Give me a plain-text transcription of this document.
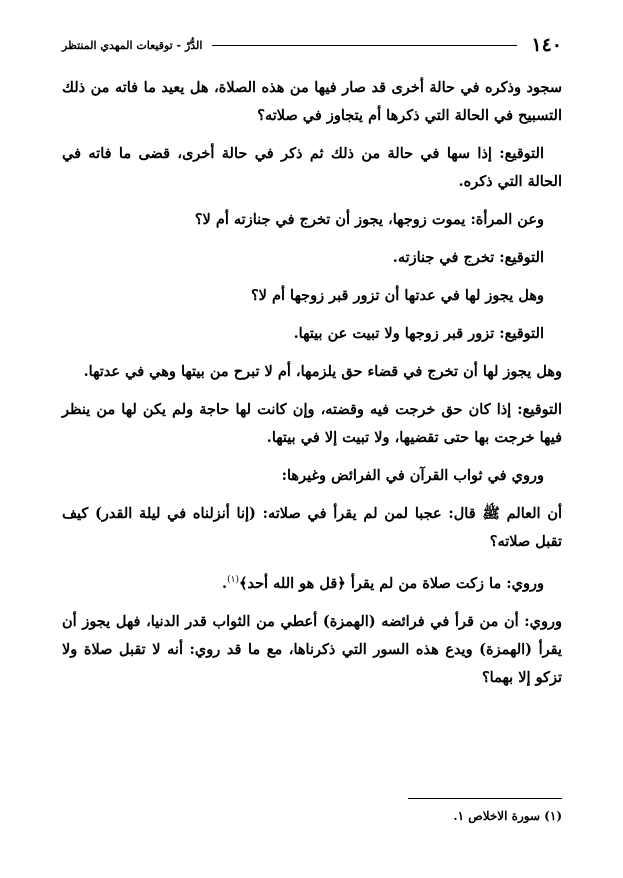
١٤٠
الدُّرّ - توقيعات المهدي المنتظر

سجود وذكره في حالة أخرى قد صار فيها من هذه الصلاة، هل يعيد ما فاته من ذلك التسبيح في الحالة التي ذكرها أم يتجاوز في صلاته؟

التوقيع: إذا سها في حالة من ذلك ثم ذكر في حالة أخرى، قضى ما فاته في الحالة التي ذكره.

وعن المرأة: يموت زوجها، يجوز أن تخرج في جنازته أم لا؟

التوقيع: تخرج في جنازته.

وهل يجوز لها في عدتها أن تزور قبر زوجها أم لا؟

التوقيع: تزور قبر زوجها ولا تبيت عن بيتها.

وهل يجوز لها أن تخرج في قضاء حق يلزمها، أم لا تبرح من بيتها وهي في عدتها.

التوقيع: إذا كان حق خرجت فيه وقضته، وإن كانت لها حاجة ولم يكن لها من ينظر فيها خرجت بها حتى تقضيها، ولا تبيت إلا في بيتها.

وروي في ثواب القرآن في الفرائض وغيرها:

أن العالم ﷺ قال: عجبا لمن لم يقرأ في صلاته: (إنا أنزلناه في ليلة القدر) كيف تقبل صلاته؟

وروي: ما زكت صلاة من لم يقرأ ﴿قل هو الله أحد﴾$^{(١)}$.

وروي: أن من قرأ في فرائضه (الهمزة) أعطي من الثواب قدر الدنيا، فهل يجوز أن يقرأ (الهمزة) ويدع هذه السور التي ذكرناها، مع ما قد روي: أنه لا تقبل صلاة ولا تزكو إلا بهما؟

(١) سورة الاخلاص ١.
